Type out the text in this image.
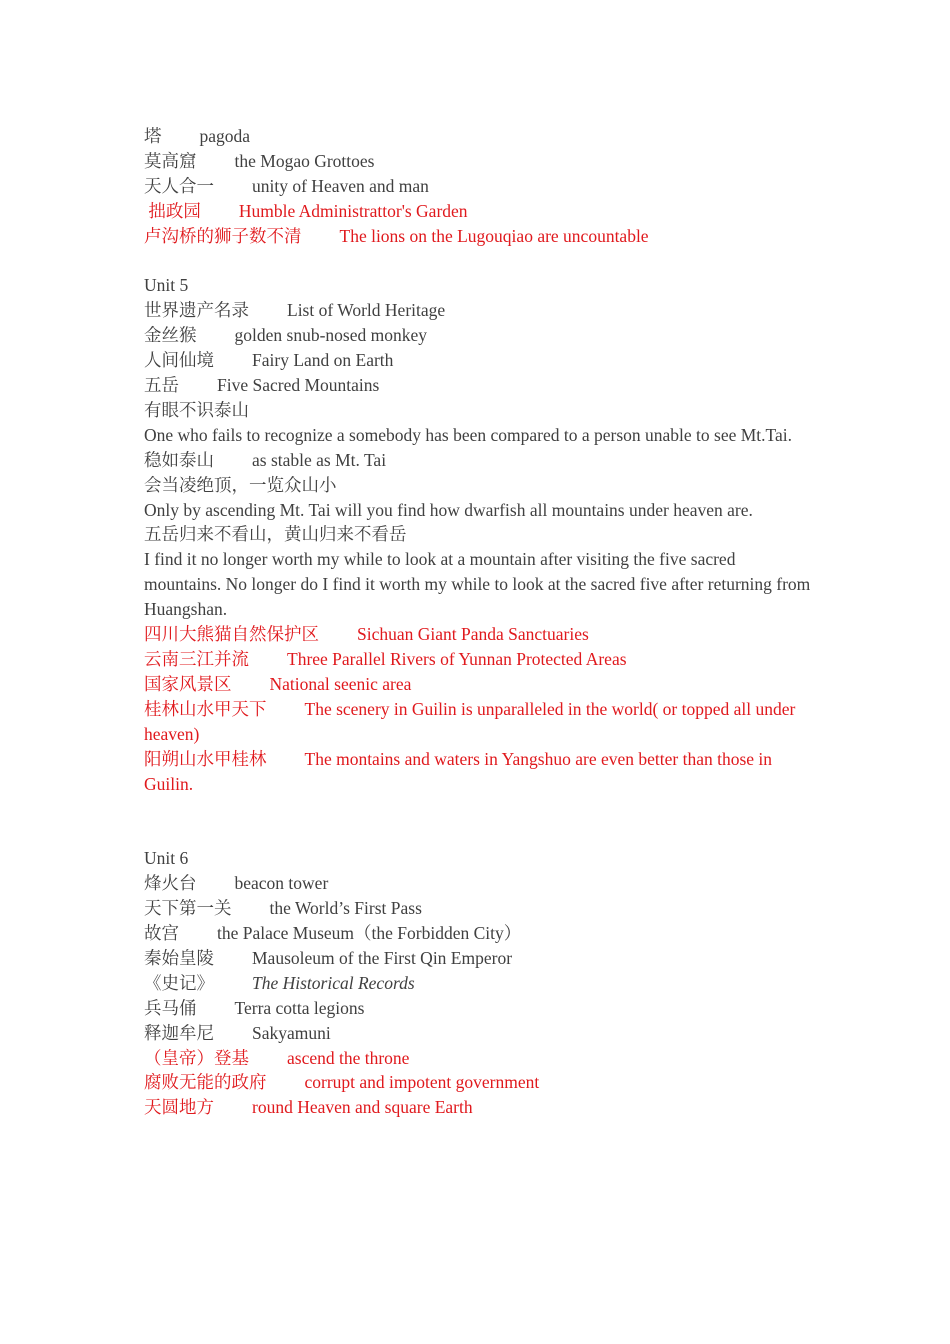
塔 pagoda
莫高窟 the Mogao Grottoes
天人合一 unity of Heaven and man
拙政园 Humble Administrattor's Garden
卢沟桥的狮子数不清 The lions on the Lugouqiao are uncountable
Unit 5
世界遗产名录 List of World Heritage
金丝猴 golden snub-nosed monkey
人间仙境 Fairy Land on Earth
五岳 Five Sacred Mountains
有眼不识泰山
One who fails to recognize a somebody has been compared to a person unable to see Mt.Tai.
稳如泰山 as stable as Mt. Tai
会当凌绝顶，一览众山小
Only by ascending Mt. Tai will you find how dwarfish all mountains under heaven are.
五岳归来不看山，黄山归来不看岳
I find it no longer worth my while to look at a mountain after visiting the five sacred mountains. No longer do I find it worth my while to look at the sacred five after returning from Huangshan.
四川大熊猫自然保护区 Sichuan Giant Panda Sanctuaries
云南三江并流 Three Parallel Rivers of Yunnan Protected Areas
国家风景区 National seenic area
桂林山水甲天下 The scenery in Guilin is unparalleled in the world( or topped all under heaven)
阳朔山水甲桂林 The montains and waters in Yangshuo are even better than those in Guilin.
Unit 6
烽火台 beacon tower
天下第一关 the World’s First Pass
故宫 the Palace Museum（the Forbidden City）
秦始皇陵 Mausoleum of the First Qin Emperor
《史记》 The Historical Records
兵马俑 Terra cotta legions
释迦牟尼 Sakyamuni
（皇帝）登基 ascend the throne
腐败无能的政府 corrupt and impotent government
天圆地方 round Heaven and square Earth
